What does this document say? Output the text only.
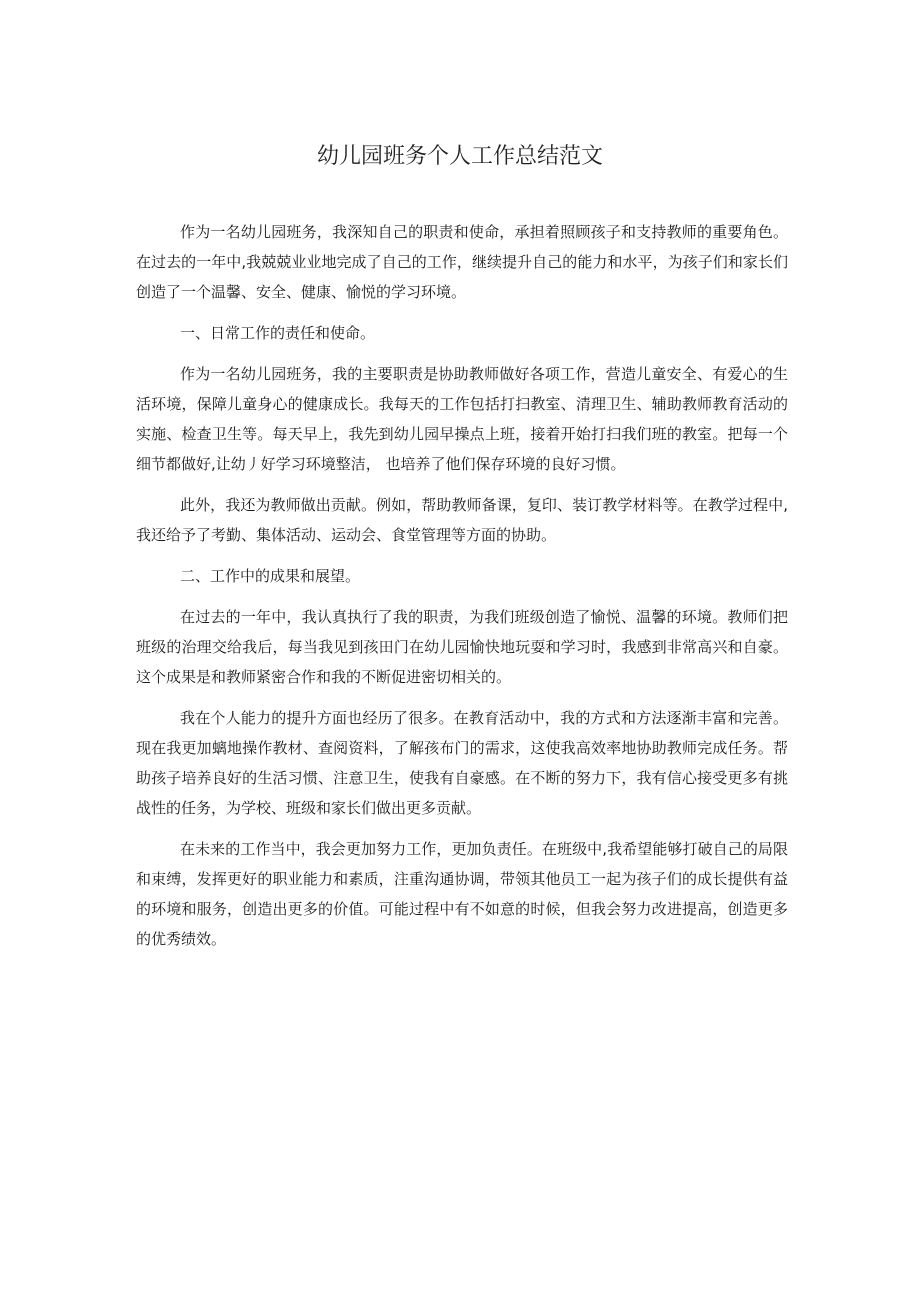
幼儿园班务个人工作总结范文

作为一名幼儿园班务，我深知自己的职责和使命，承担着照顾孩子和支持教师的重要角色。在过去的一年中,我兢兢业业地完成了自己的工作，继续提升自己的能力和水平，为孩子们和家长们创造了一个温馨、安全、健康、愉悦的学习环境。

一、日常工作的责任和使命。

作为一名幼儿园班务，我的主要职责是协助教师做好各项工作，营造儿童安全、有爱心的生活环境，保障儿童身心的健康成长。我每天的工作包括打扫教室、清理卫生、辅助教师教育活动的实施、检查卫生等。每天早上，我先到幼儿园早操点上班，接着开始打扫我们班的教室。把每一个细节都做好,让幼丿好学习环境整洁， 也培养了他们保存环境的良好习惯。

此外，我还为教师做出贡献。例如，帮助教师备课，复印、装订教学材料等。在教学过程中,我还给予了考勤、集体活动、运动会、食堂管理等方面的协助。

二、工作中的成果和展望。

在过去的一年中，我认真执行了我的职责，为我们班级创造了愉悦、温馨的环境。教师们把班级的治理交给我后，每当我见到孩田门在幼儿园愉快地玩耍和学习时，我感到非常高兴和自豪。这个成果是和教师紧密合作和我的不断促进密切相关的。

我在个人能力的提升方面也经历了很多。在教育活动中，我的方式和方法逐渐丰富和完善。现在我更加螭地操作教材、查阅资料，了解孩布门的需求，这使我高效率地协助教师完成任务。帮助孩子培养良好的生活习惯、注意卫生，使我有自豪感。在不断的努力下，我有信心接受更多有挑战性的任务，为学校、班级和家长们做出更多贡献。

在未来的工作当中，我会更加努力工作，更加负责任。在班级中,我希望能够打破自己的局限和束缚，发挥更好的职业能力和素质，注重沟通协调，带领其他员工一起为孩子们的成长提供有益的环境和服务，创造出更多的价值。可能过程中有不如意的时候，但我会努力改进提高，创造更多的优秀绩效。
